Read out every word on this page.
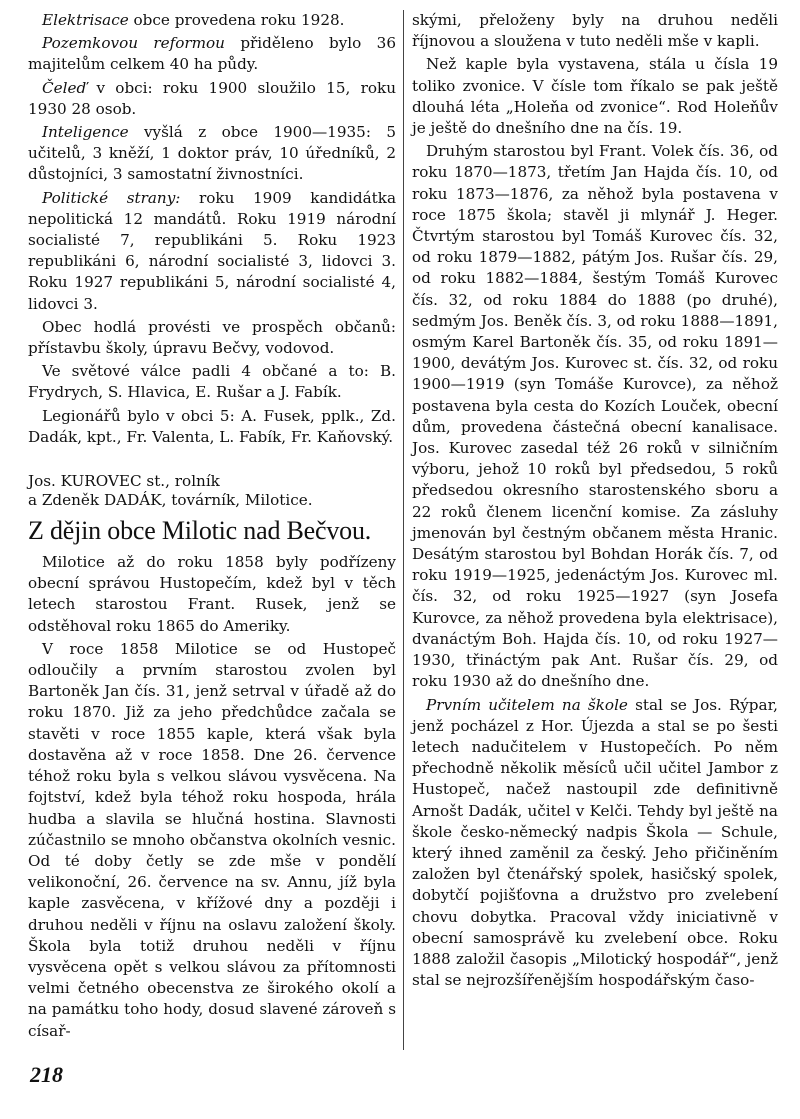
Elektrisace obce provedena roku 1928.

Pozemkovou reformou přiděleno bylo 36 majitelům celkem 40 ha půdy.

Čeleď v obci: roku 1900 sloužilo 15, roku 1930 28 osob.

Inteligence vyšlá z obce 1900—1935: 5 učitelů, 3 kněží, 1 doktor práv, 10 úředníků, 2 důstojníci, 3 samostatní živnostníci.

Politické strany: roku 1909 kandidátka nepolitická 12 mandátů. Roku 1919 národní socialisté 7, republikáni 5. Roku 1923 republikáni 6, národní socialisté 3, lidovci 3. Roku 1927 republikáni 5, národní socialisté 4, lidovci 3.

Obec hodlá provésti ve prospěch občanů: přístavbu školy, úpravu Bečvy, vodovod.

Ve světové válce padli 4 občané a to: B. Frydrych, S. Hlavica, E. Rušar a J. Fabík.

Legionářů bylo v obci 5: A. Fusek, pplk., Zd. Dadák, kpt., Fr. Valenta, L. Fabík, Fr. Kaňovský.

Jos. KUROVEC st., rolník

a Zdeněk DADÁK, továrník, Milotice.

Z dějin obce Milotic nad Bečvou.

Milotice až do roku 1858 byly podřízeny obecní správou Hustopečím, kdež byl v těch letech starostou Frant. Rusek, jenž se odstěhoval roku 1865 do Ameriky.

V roce 1858 Milotice se od Hustopeč odloučily a prvním starostou zvolen byl Bartoněk Jan čís. 31, jenž setrval v úřadě až do roku 1870. Již za jeho předchůdce začala se stavěti v roce 1855 kaple, která však byla dostavěna až v roce 1858. Dne 26. července téhož roku byla s velkou slávou vysvěcena. Na fojtství, kdež byla téhož roku hospoda, hrála hudba a slavila se hlučná hostina. Slavnosti zúčastnilo se mnoho občanstva okolních vesnic. Od té doby četly se zde mše v pondělí velikonoční, 26. července na sv. Annu, jíž byla kaple zasvěcena, v křížové dny a později i druhou neděli v říjnu na oslavu založení školy. Škola byla totiž druhou neděli v říjnu vysvěcena opět s velkou slávou za přítomnosti velmi četného obecenstva ze širokého okolí a na památku toho hody, dosud slavené zároveň s císař-

skými, přeloženy byly na druhou neděli říjnovou a sloužena v tuto neděli mše v kapli.

Než kaple byla vystavena, stála u čísla 19 toliko zvonice. V čísle tom říkalo se pak ještě dlouhá léta „Holeňa od zvonice“. Rod Holeňův je ještě do dnešního dne na čís. 19.

Druhým starostou byl Frant. Volek čís. 36, od roku 1870—1873, třetím Jan Hajda čís. 10, od roku 1873—1876, za něhož byla postavena v roce 1875 škola; stavěl ji mlynář J. Heger. Čtvrtým starostou byl Tomáš Kurovec čís. 32, od roku 1879—1882, pátým Jos. Rušar čís. 29, od roku 1882—1884, šestým Tomáš Kurovec čís. 32, od roku 1884 do 1888 (po druhé), sedmým Jos. Beněk čís. 3, od roku 1888—1891, osmým Karel Bartoněk čís. 35, od roku 1891—1900, devátým Jos. Kurovec st. čís. 32, od roku 1900—1919 (syn Tomáše Kurovce), za něhož postavena byla cesta do Kozích Louček, obecní dům, provedena částečná obecní kanalisace. Jos. Kurovec zasedal též 26 roků v silničním výboru, jehož 10 roků byl předsedou, 5 roků předsedou okresního starostenského sboru a 22 roků členem licenční komise. Za zásluhy jmenován byl čestným občanem města Hranic. Desátým starostou byl Bohdan Horák čís. 7, od roku 1919—1925, jedenáctým Jos. Kurovec ml. čís. 32, od roku 1925—1927 (syn Josefa Kurovce, za něhož provedena byla elektrisace), dvanáctým Boh. Hajda čís. 10, od roku 1927—1930, třináctým pak Ant. Rušar čís. 29, od roku 1930 až do dnešního dne.

Prvním učitelem na škole stal se Jos. Rýpar, jenž pocházel z Hor. Újezda a stal se po šesti letech nadučitelem v Hustopečích. Po něm přechodně několik měsíců učil učitel Jambor z Hustopeč, načež nastoupil zde definitivně Arnošt Dadák, učitel v Kelči. Tehdy byl ještě na škole česko-německý nadpis Škola — Schule, který ihned zaměnil za český. Jeho přičiněním založen byl čtenářský spolek, hasičský spolek, dobytčí pojišťovna a družstvo pro zvelebení chovu dobytka. Pracoval vždy iniciativně v obecní samosprávě ku zvelebení obce. Roku 1888 založil časopis „Milotický hospodář“, jenž stal se nejrozšířenějším hospodářským časo-

218
